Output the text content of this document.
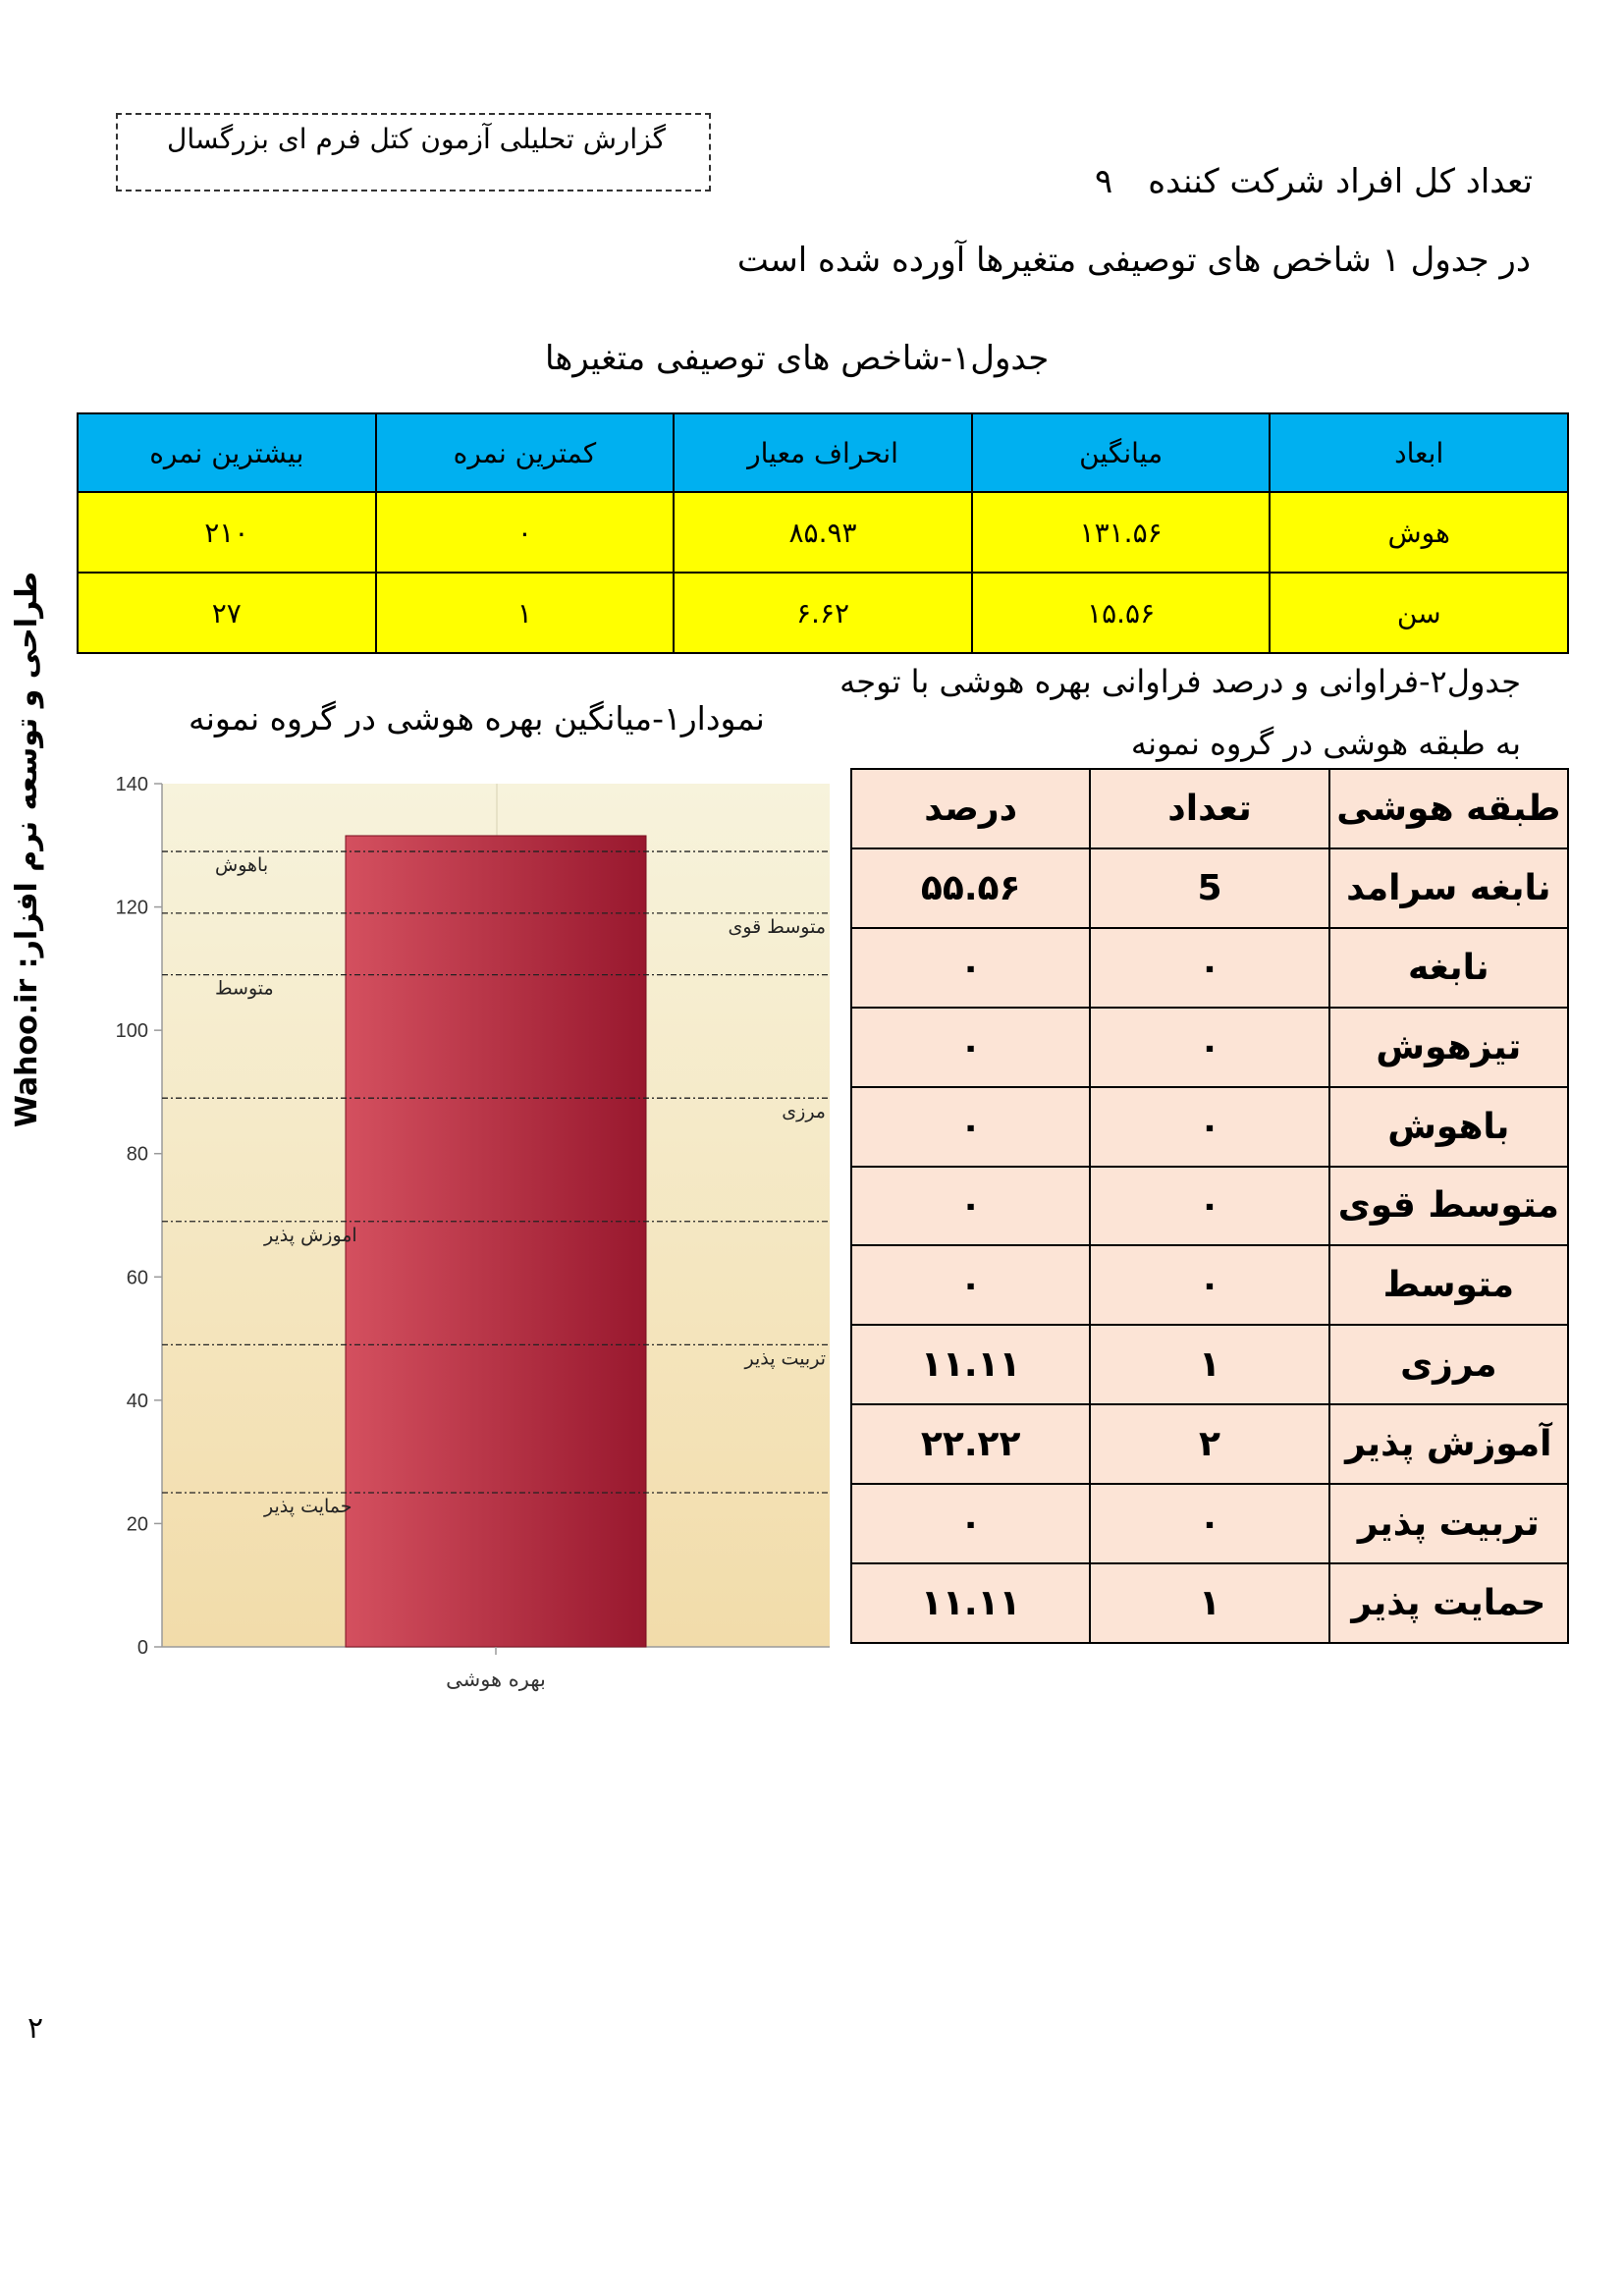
گزارش تحلیلی آزمون کتل فرم ای بزرگسال
تعداد کل افراد شرکت کننده
۹
در جدول ۱ شاخص های توصیفی متغیرها آورده شده است
جدول۱-شاخص های توصیفی متغیرها
ابعاد	میانگین	انحراف معیار	کمترین نمره	بیشترین نمره
هوش	۱۳۱.۵۶	۸۵.۹۳	۰	۲۱۰
سن	۱۵.۵۶	۶.۶۲	۱	۲۷
طراحی و توسعه نرم افزار: Wahoo.ir	جدول۲-فراوانی و درصد فراوانی بهره هوشی با توجه
به طبقه هوشی در گروه نمونه
طبقه هوشی	تعداد	درصد
نابغه سرامد	5	۵۵.۵۶
نابغه	۰	۰
تیزهوش	۰	۰
باهوش	۰	۰
متوسط قوی	۰	۰
متوسط	۰	۰
مرزی	۱	۱۱.۱۱
آموزش پذیر	۲	۲۲.۲۲
تربیت پذیر	۰	۰
حمایت پذیر	۱	۱۱.۱۱
نمودار۱-میانگین بهره هوشی در گروه نمونه
0
20
40
60
80
100
120
140
بهره هوشی
باهوش
متوسط قوی
متوسط
مرزی
اموزش پذیر
تربیت پذیر
حمایت پذیر
۲
